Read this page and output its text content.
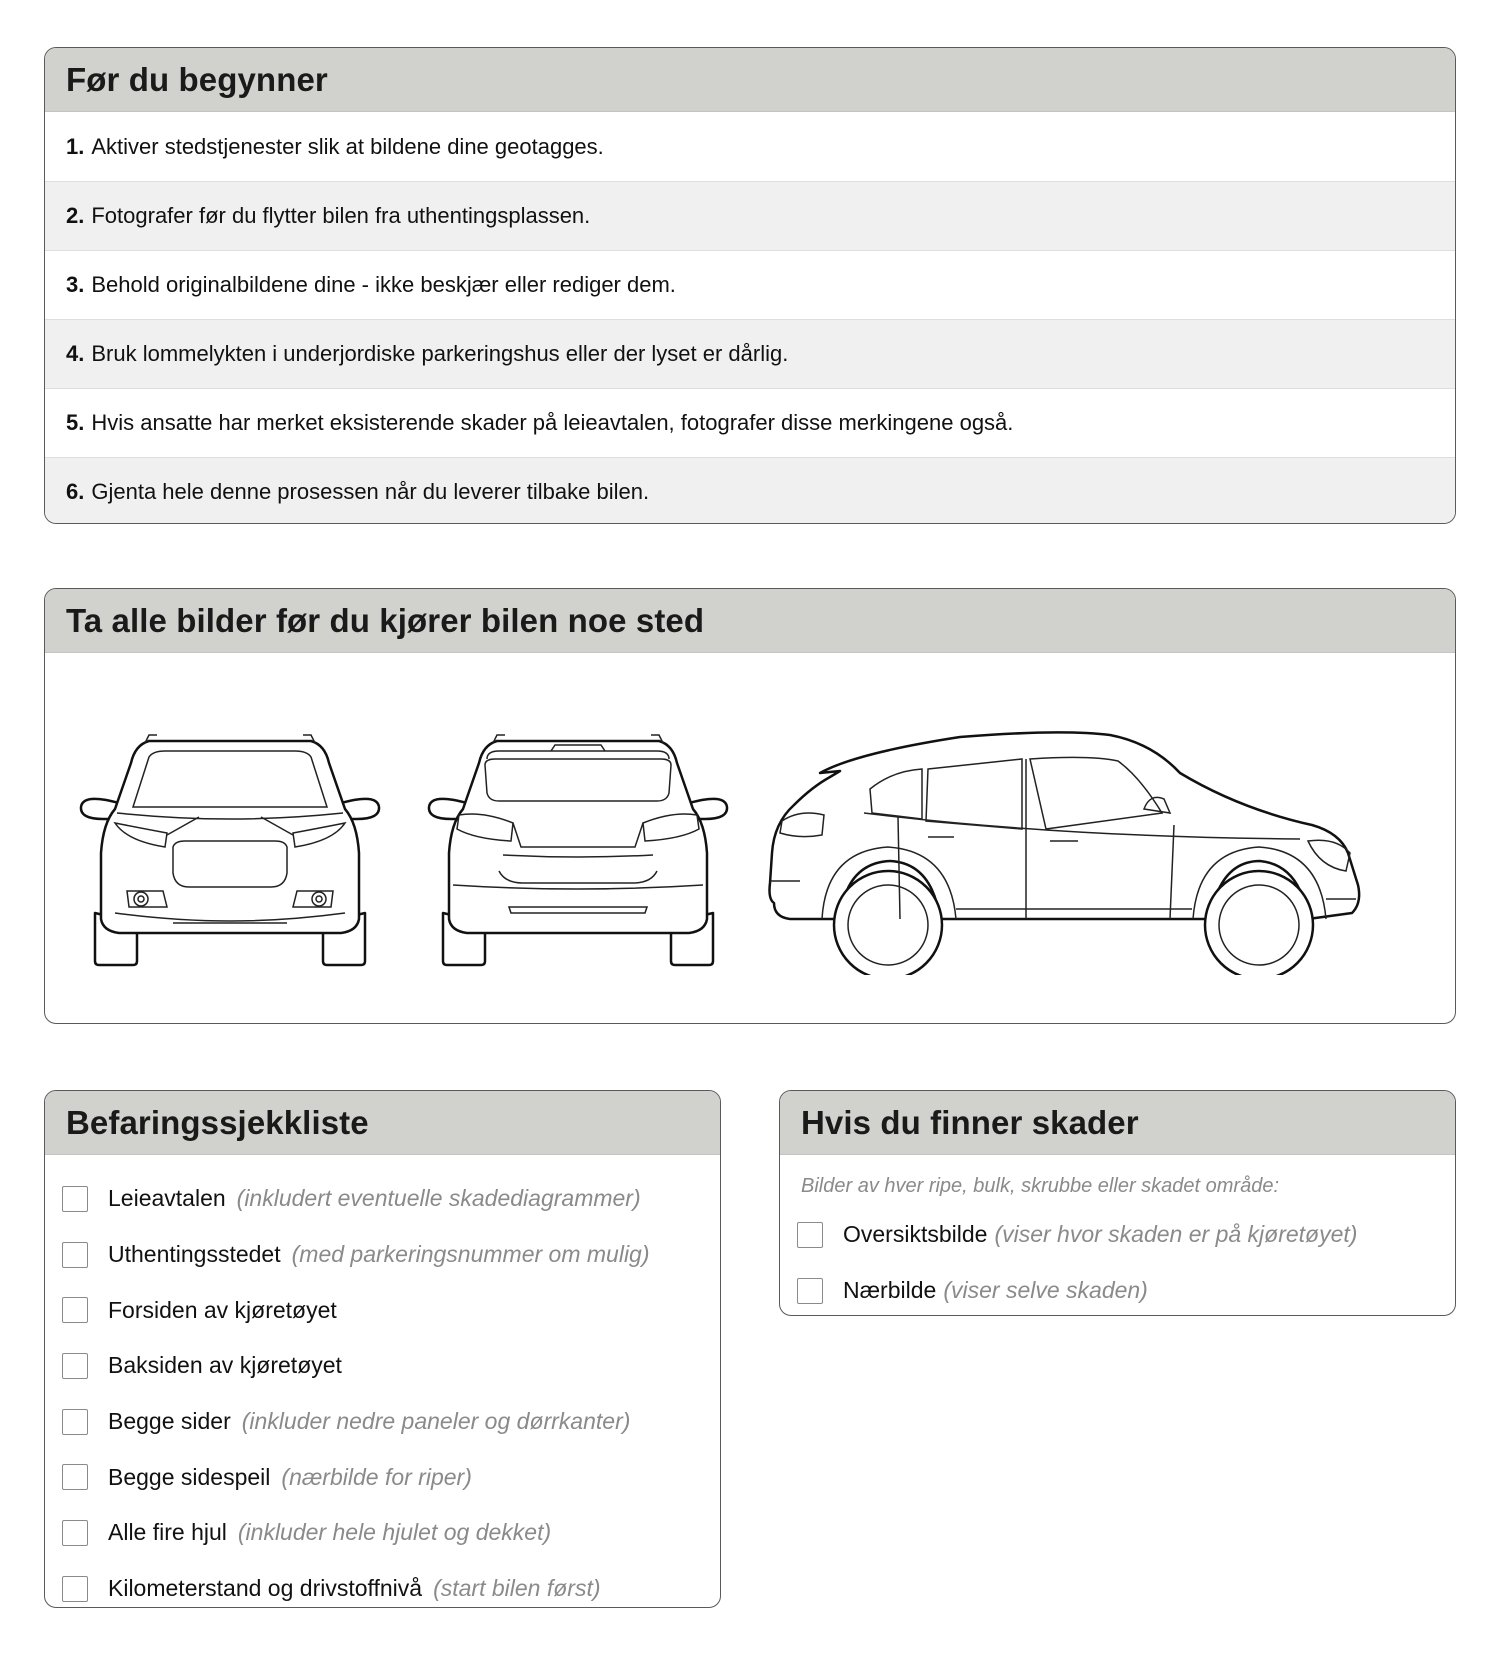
Før du begynner
1. Aktiver stedstjenester slik at bildene dine geotagges.
2. Fotografer før du flytter bilen fra uthentingsplassen.
3. Behold originalbildene dine - ikke beskjær eller rediger dem.
4. Bruk lommelykten i underjordiske parkeringshus eller der lyset er dårlig.
5. Hvis ansatte har merket eksisterende skader på leieavtalen, fotografer disse merkingene også.
6. Gjenta hele denne prosessen når du leverer tilbake bilen.
Ta alle bilder før du kjører bilen noe sted
Befaringssjekkliste
Leieavtalen (inkludert eventuelle skadediagrammer)
Uthentingsstedet (med parkeringsnummer om mulig)
Forsiden av kjøretøyet
Baksiden av kjøretøyet
Begge sider (inkluder nedre paneler og dørrkanter)
Begge sidespeil (nærbilde for riper)
Alle fire hjul (inkluder hele hjulet og dekket)
Kilometerstand og drivstoffnivå (start bilen først)
Hvis du finner skader

Bilder av hver ripe, bulk, skrubbe eller skadet område:

Oversiktsbilde (viser hvor skaden er på kjøretøyet)
Nærbilde (viser selve skaden)
